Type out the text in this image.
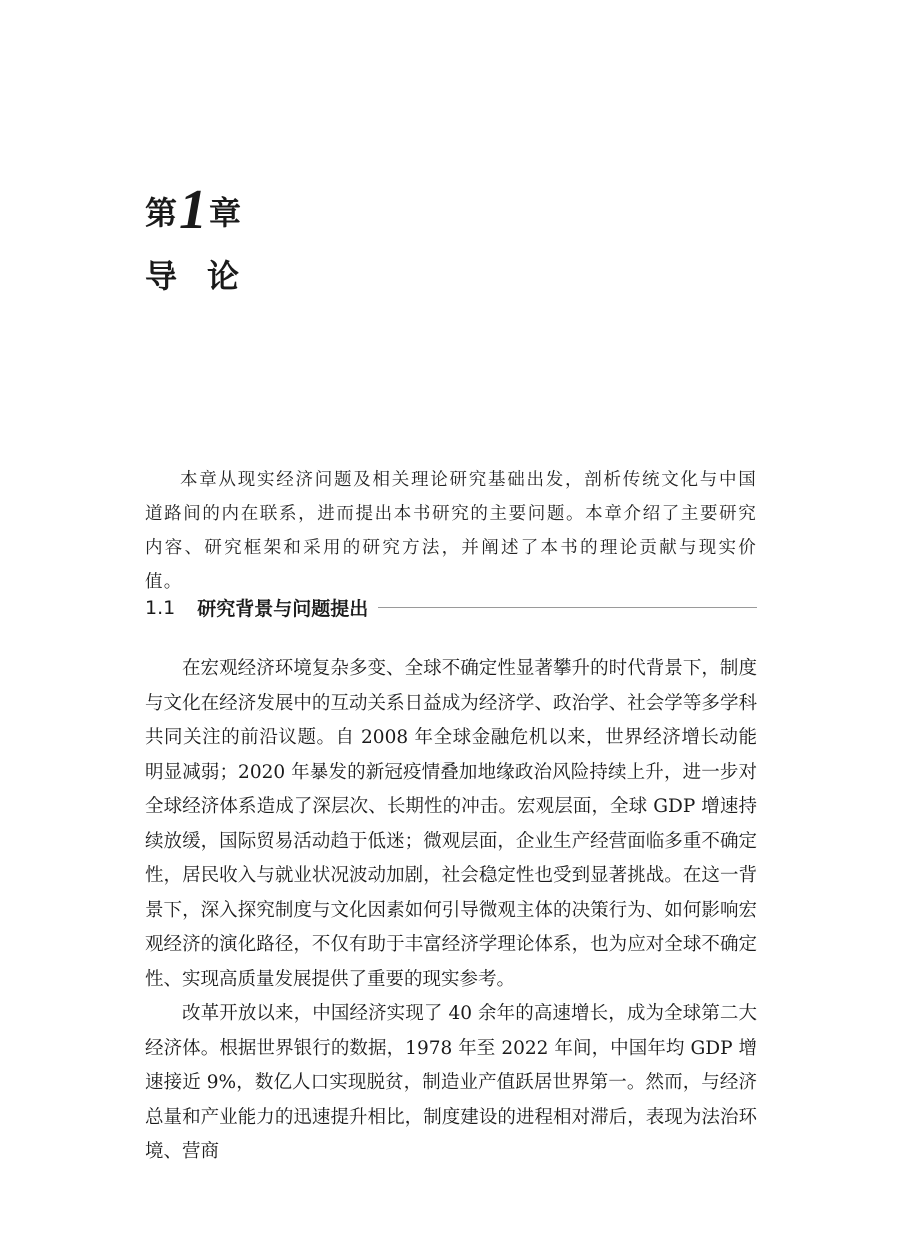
第 1 章
导论

本章从现实经济问题及相关理论研究基础出发，剖析传统文化与中国道路间的内在联系，进而提出本书研究的主要问题。本章介绍了主要研究内容、研究框架和采用的研究方法，并阐述了本书的理论贡献与现实价值。

1.1 研究背景与问题提出

在宏观经济环境复杂多变、全球不确定性显著攀升的时代背景下，制度与文化在经济发展中的互动关系日益成为经济学、政治学、社会学等多学科共同关注的前沿议题。自 2008 年全球金融危机以来，世界经济增长动能明显减弱；2020 年暴发的新冠疫情叠加地缘政治风险持续上升，进一步对全球经济体系造成了深层次、长期性的冲击。宏观层面，全球 GDP 增速持续放缓，国际贸易活动趋于低迷；微观层面，企业生产经营面临多重不确定性，居民收入与就业状况波动加剧，社会稳定性也受到显著挑战。在这一背景下，深入探究制度与文化因素如何引导微观主体的决策行为、如何影响宏观经济的演化路径，不仅有助于丰富经济学理论体系，也为应对全球不确定性、实现高质量发展提供了重要的现实参考。

改革开放以来，中国经济实现了 40 余年的高速增长，成为全球第二大经济体。根据世界银行的数据，1978 年至 2022 年间，中国年均 GDP 增速接近 9%，数亿人口实现脱贫，制造业产值跃居世界第一。然而，与经济总量和产业能力的迅速提升相比，制度建设的进程相对滞后，表现为法治环境、营商
